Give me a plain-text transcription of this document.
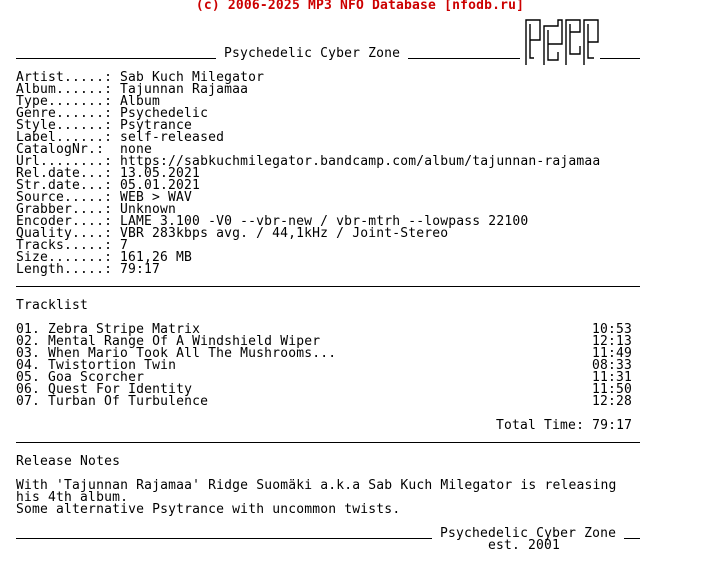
(c) 2006-2025 MP3 NFO Database [nfodb.ru]
Psychedelic Cyber Zone
Artist.....: Sab Kuch Milegator
Album......: Tajunnan Rajamaa
Type.......: Album
Genre......: Psychedelic
Style......: Psytrance
Label......: self-released
CatalogNr.: none
Url........: https://sabkuchmilegator.bandcamp.com/album/tajunnan-rajamaa
Rel.date...: 13.05.2021
Str.date...: 05.01.2021
Source.....: WEB > WAV
Grabber....: Unknown
Encoder....: LAME 3.100 -V0 --vbr-new / vbr-mtrh --lowpass 22100
Quality....: VBR 283kbps avg. / 44,1kHz / Joint-Stereo
Tracks.....: 7
Size.......: 161,26 MB
Length.....: 79:17
Tracklist
01. Zebra Stripe Matrix	10:53
02. Mental Range Of A Windshield Wiper	12:13
03. When Mario Took All The Mushrooms...	11:49
04. Twistortion Twin	08:33
05. Goa Scorcher	11:31
06. Quest For Identity	11:50
07. Turban Of Turbulence	12:28
Total Time: 79:17
Release Notes
With 'Tajunnan Rajamaa' Ridge Suomäki a.k.a Sab Kuch Milegator is releasing
his 4th album.
Some alternative Psytrance with uncommon twists.
Psychedelic Cyber Zone
est. 2001
